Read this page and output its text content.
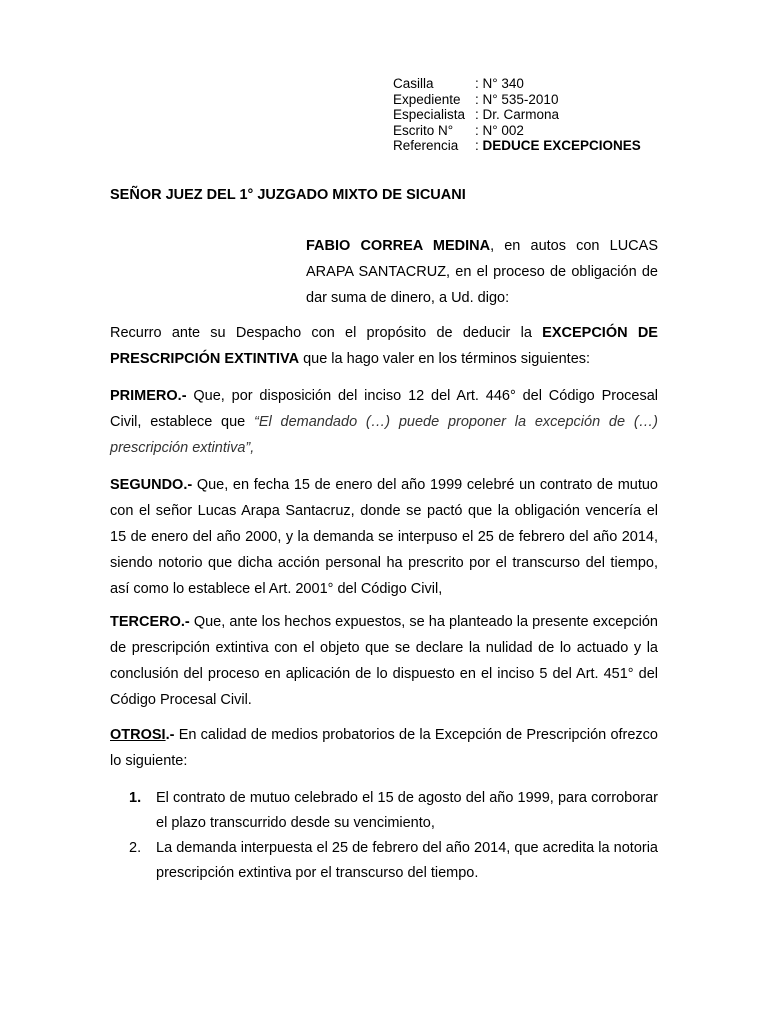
Casilla	: N° 340
Expediente	: N° 535-2010
Especialista	: Dr. Carmona
Escrito N°	: N° 002
Referencia	: DEDUCE EXCEPCIONES
SEÑOR JUEZ DEL 1° JUZGADO MIXTO DE SICUANI

FABIO CORREA MEDINA, en autos con LUCAS ARAPA SANTACRUZ, en el proceso de obligación de dar suma de dinero, a Ud. digo:

Recurro ante su Despacho con el propósito de deducir la EXCEPCIÓN DE PRESCRIPCIÓN EXTINTIVA que la hago valer en los términos siguientes:

PRIMERO.- Que, por disposición del inciso 12 del Art. 446° del Código Procesal Civil, establece que “El demandado (…) puede proponer la excepción de (…) prescripción extintiva”,

SEGUNDO.- Que, en fecha 15 de enero del año 1999 celebré un contrato de mutuo con el señor Lucas Arapa Santacruz, donde se pactó que la obligación vencería el 15 de enero del año 2000, y la demanda se interpuso el 25 de febrero del año 2014, siendo notorio que dicha acción personal ha prescrito por el transcurso del tiempo, así como lo establece el Art. 2001° del Código Civil,

TERCERO.- Que, ante los hechos expuestos, se ha planteado la presente excepción de prescripción extintiva con el objeto que se declare la nulidad de lo actuado y la conclusión del proceso en aplicación de lo dispuesto en el inciso 5 del Art. 451° del Código Procesal Civil.

OTROSI.- En calidad de medios probatorios de la Excepción de Prescripción ofrezco lo siguiente:

1.	El contrato de mutuo celebrado el 15 de agosto del año 1999, para corroborar el plazo transcurrido desde su vencimiento,
2.	La demanda interpuesta el 25 de febrero del año 2014, que acredita la notoria prescripción extintiva por el transcurso del tiempo.
